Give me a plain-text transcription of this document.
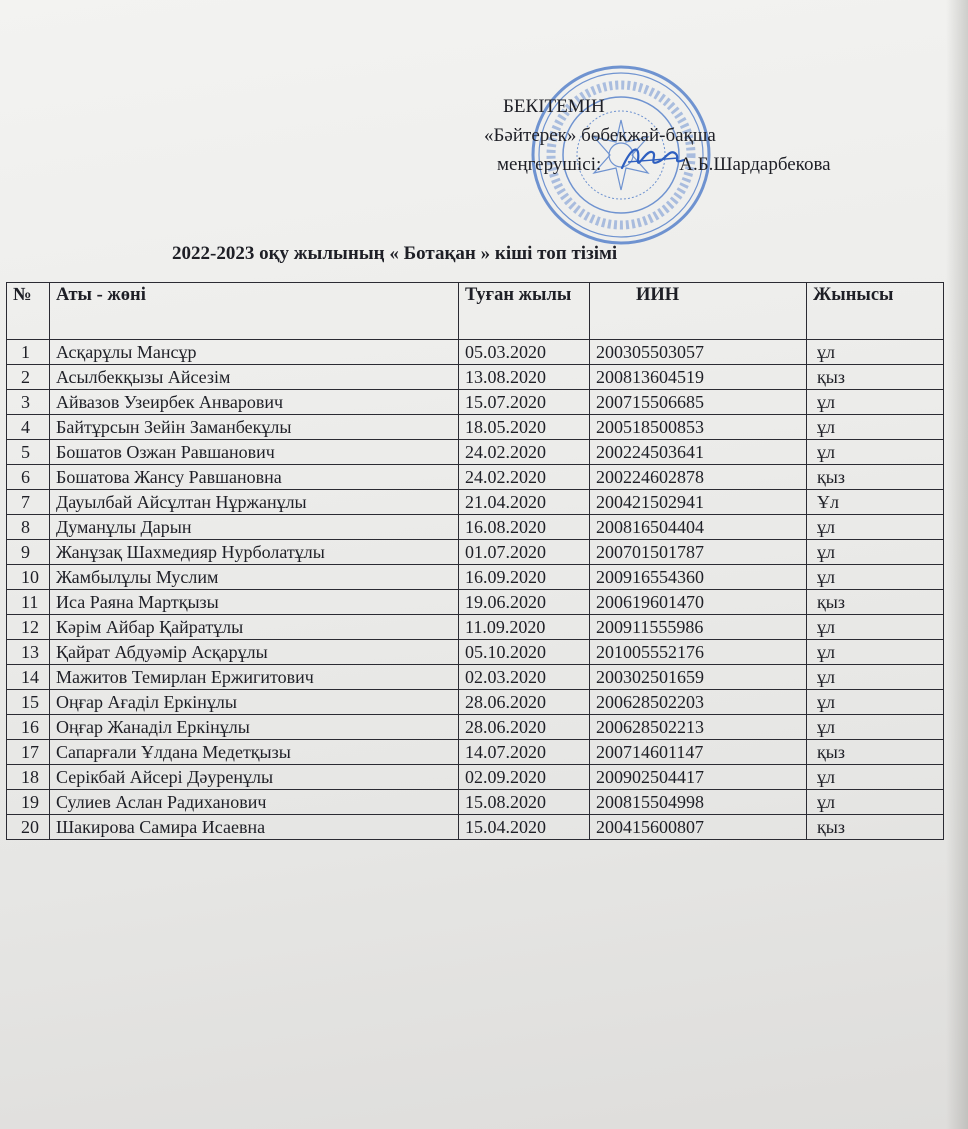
БЕКІТЕМІН
«Бәйтерек» бөбекжай-бақша
меңгерушісі:	А.Б.Шардарбекова
2022-2023 оқу жылының « Ботақан » кіші топ тізімі
№	Аты - жөні	Туған жылы	ИИН	Жынысы
1	Асқарұлы Мансұр	05.03.2020	200305503057	ұл
2	Асылбекқызы Айсезім	13.08.2020	200813604519	қыз
3	Айвазов Узеирбек Анварович	15.07.2020	200715506685	ұл
4	Байтұрсын Зейін Заманбекұлы	18.05.2020	200518500853	ұл
5	Бошатов Озжан Равшанович	24.02.2020	200224503641	ұл
6	Бошатова Жансу Равшановна	24.02.2020	200224602878	қыз
7	Дауылбай Айсұлтан Нұржанұлы	21.04.2020	200421502941	Ұл
8	Думанұлы Дарын	16.08.2020	200816504404	ұл
9	Жанұзақ Шахмедияр Нурболатұлы	01.07.2020	200701501787	ұл
10	Жамбылұлы Муслим	16.09.2020	200916554360	ұл
11	Иса Раяна Мартқызы	19.06.2020	200619601470	қыз
12	Кәрім Айбар Қайратұлы	11.09.2020	200911555986	ұл
13	Қайрат Абдуәмір Асқарұлы	05.10.2020	201005552176	ұл
14	Мажитов Темирлан Ержигитович	02.03.2020	200302501659	ұл
15	Оңғар Ағаділ Еркінұлы	28.06.2020	200628502203	ұл
16	Оңғар Жанаділ Еркінұлы	28.06.2020	200628502213	ұл
17	Сапарғали Ұлдана Медетқызы	14.07.2020	200714601147	қыз
18	Серікбай Айсері Дәуренұлы	02.09.2020	200902504417	ұл
19	Сулиев Аслан Радиханович	15.08.2020	200815504998	ұл
20	Шакирова Самира Исаевна	15.04.2020	200415600807	қыз
